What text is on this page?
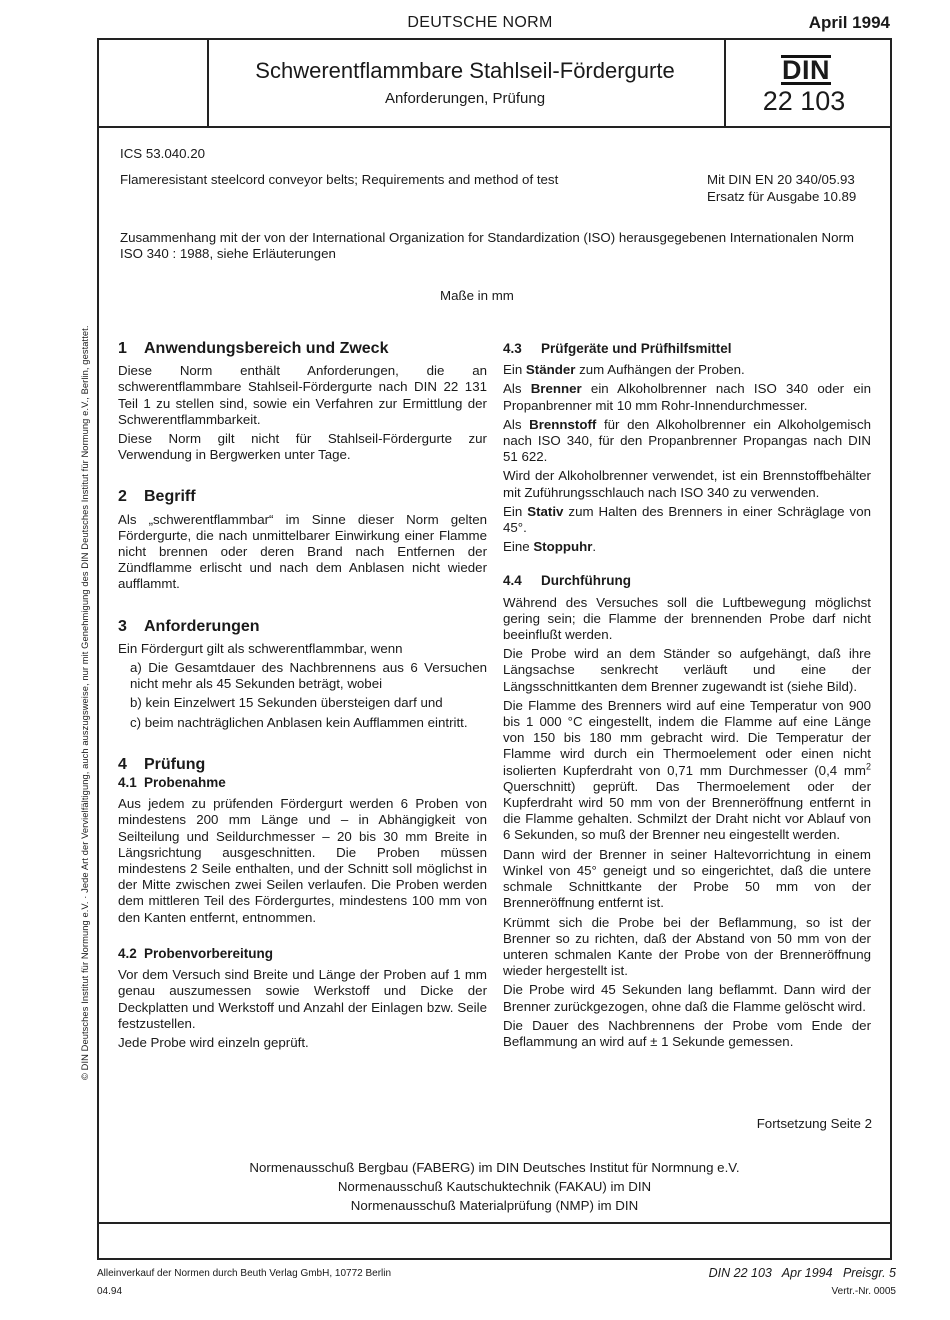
DEUTSCHE NORM	April 1994
Schwerentflammbare Stahlseil-Fördergurte
Anforderungen, Prüfung
DIN
22 103
ICS 53.040.20
Flameresistant steelcord conveyor belts; Requirements and method of test	Mit DIN EN 20 340/05.93
Ersatz für Ausgabe 10.89
Zusammenhang mit der von der International Organization for Standardization (ISO) herausgegebenen Internationalen Norm ISO 340 : 1988, siehe Erläuterungen
Maße in mm
1 Anwendungsbereich und Zweck

Diese Norm enthält Anforderungen, die an schwerentflammbare Stahlseil-Fördergurte nach DIN 22 131 Teil 1 zu stellen sind, sowie ein Verfahren zur Ermittlung der Schwerentflammbarkeit.

Diese Norm gilt nicht für Stahlseil-Fördergurte zur Verwendung in Bergwerken unter Tage.

2 Begriff

Als „schwerentflammbar“ im Sinne dieser Norm gelten Fördergurte, die nach unmittelbarer Einwirkung einer Flamme nicht brennen oder deren Brand nach Entfernen der Zündflamme erlischt und nach dem Anblasen nicht wieder aufflammt.

3 Anforderungen

Ein Fördergurt gilt als schwerentflammbar, wenn

a) Die Gesamtdauer des Nachbrennens aus 6 Versuchen nicht mehr als 45 Sekunden beträgt, wobei

b) kein Einzelwert 15 Sekunden übersteigen darf und

c) beim nachträglichen Anblasen kein Aufflammen eintritt.

4 Prüfung
4.1 Probenahme

Aus jedem zu prüfenden Fördergurt werden 6 Proben von mindestens 200 mm Länge und – in Abhängigkeit von Seilteilung und Seildurchmesser – 20 bis 30 mm Breite in Längsrichtung ausgeschnitten. Die Proben müssen mindestens 2 Seile enthalten, und der Schnitt soll möglichst in der Mitte zwischen zwei Seilen verlaufen. Die Proben werden dem mittleren Teil des Fördergurtes, mindestens 100 mm von den Kanten entfernt, entnommen.

4.2 Probenvorbereitung

Vor dem Versuch sind Breite und Länge der Proben auf 1 mm genau auszumessen sowie Werkstoff und Dicke der Deckplatten und Werkstoff und Anzahl der Einlagen bzw. Seile festzustellen.

Jede Probe wird einzeln geprüft.

4.3 Prüfgeräte und Prüfhilfsmittel

Ein Ständer zum Aufhängen der Proben.

Als Brenner ein Alkoholbrenner nach ISO 340 oder ein Propanbrenner mit 10 mm Rohr-Innendurchmesser.

Als Brennstoff für den Alkoholbrenner ein Alkoholgemisch nach ISO 340, für den Propanbrenner Propangas nach DIN 51 622.

Wird der Alkoholbrenner verwendet, ist ein Brennstoffbehälter mit Zuführungsschlauch nach ISO 340 zu verwenden.

Ein Stativ zum Halten des Brenners in einer Schräglage von 45°.

Eine Stoppuhr.

4.4 Durchführung

Während des Versuches soll die Luftbewegung möglichst gering sein; die Flamme der brennenden Probe darf nicht beeinflußt werden.

Die Probe wird an dem Ständer so aufgehängt, daß ihre Längsachse senkrecht verläuft und eine der Längsschnittkanten dem Brenner zugewandt ist (siehe Bild).

Die Flamme des Brenners wird auf eine Temperatur von 900 bis 1 000 °C eingestellt, indem die Flamme auf eine Länge von 150 bis 180 mm gebracht wird. Die Temperatur der Flamme wird durch ein Thermoelement oder einen nicht isolierten Kupferdraht von 0,71 mm Durchmesser (0,4 $mm^2$ Querschnitt) geprüft. Das Thermoelement oder der Kupferdraht wird 50 mm von der Brenneröffnung entfernt in die Flamme gehalten. Schmilzt der Draht nicht vor Ablauf von 6 Sekunden, so muß der Brenner neu eingestellt werden.

Dann wird der Brenner in seiner Haltevorrichtung in einem Winkel von 45° geneigt und so eingerichtet, daß die untere schmale Schnittkante der Probe 50 mm von der Brenneröffnung entfernt ist.

Krümmt sich die Probe bei der Beflammung, so ist der Brenner so zu richten, daß der Abstand von 50 mm von der unteren schmalen Kante der Probe von der Brenneröffnung wieder hergestellt ist.

Die Probe wird 45 Sekunden lang beflammt. Dann wird der Brenner zurückgezogen, ohne daß die Flamme gelöscht wird.

Die Dauer des Nachbrennens der Probe vom Ende der Beflammung an wird auf ± 1 Sekunde gemessen.

Fortsetzung Seite 2
Normenausschuß Bergbau (FABERG) im DIN Deutsches Institut für Normnung e.V.
Normenausschuß Kautschuktechnik (FAKAU) im DIN
Normenausschuß Materialprüfung (NMP) im DIN
© DIN Deutsches Institut für Normung e.V. · Jede Art der Vervielfältigung, auch auszugsweise, nur mit Genehmigung des DIN Deutsches Institut für Normung e.V., Berlin, gestattet.
Alleinverkauf der Normen durch Beuth Verlag GmbH, 10772 Berlin
04.94
DIN 22 103   Apr 1994   Preisgr. 5
Vertr.-Nr. 0005
